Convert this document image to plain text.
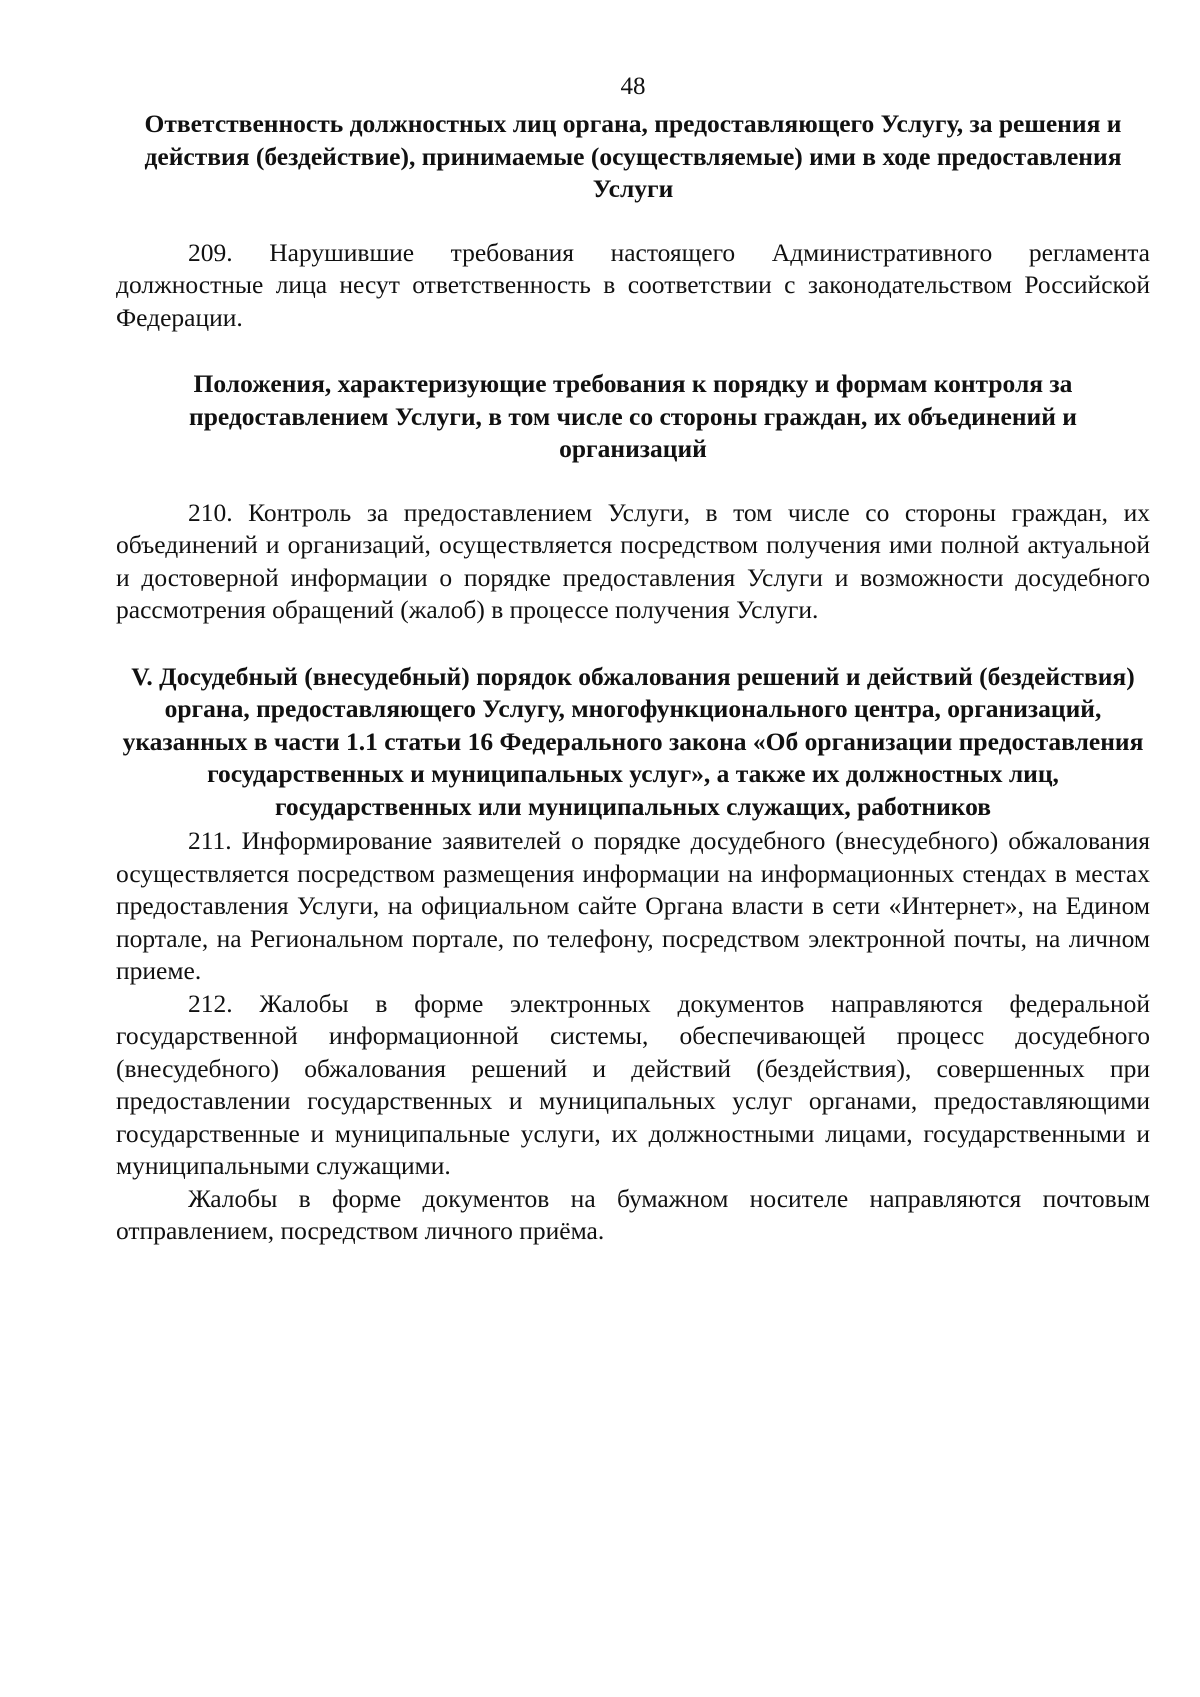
48

Ответственность должностных лиц органа, предоставляющего Услугу, за решения и действия (бездействие), принимаемые (осуществляемые) ими в ходе предоставления Услуги

209. Нарушившие требования настоящего Административного регламента должностные лица несут ответственность в соответствии с законодательством Российской Федерации.

Положения, характеризующие требования к порядку и формам контроля за предоставлением Услуги, в том числе со стороны граждан, их объединений и организаций

210. Контроль за предоставлением Услуги, в том числе со стороны граждан, их объединений и организаций, осуществляется посредством получения ими полной актуальной и достоверной информации о порядке предоставления Услуги и возможности досудебного рассмотрения обращений (жалоб) в процессе получения Услуги.

V. Досудебный (внесудебный) порядок обжалования решений и действий (бездействия) органа, предоставляющего Услугу, многофункционального центра, организаций, указанных в части 1.1 статьи 16 Федерального закона «Об организации предоставления государственных и муниципальных услуг», а также их должностных лиц, государственных или муниципальных служащих, работников

211. Информирование заявителей о порядке досудебного (внесудебного) обжалования осуществляется посредством размещения информации на информационных стендах в местах предоставления Услуги, на официальном сайте Органа власти в сети «Интернет», на Едином портале, на Региональном портале, по телефону, посредством электронной почты, на личном приеме.

212. Жалобы в форме электронных документов направляются федеральной государственной информационной системы, обеспечивающей процесс досудебного (внесудебного) обжалования решений и действий (бездействия), совершенных при предоставлении государственных и муниципальных услуг органами, предоставляющими государственные и муниципальные услуги, их должностными лицами, государственными и муниципальными служащими.

Жалобы в форме документов на бумажном носителе направляются почтовым отправлением, посредством личного приёма.
